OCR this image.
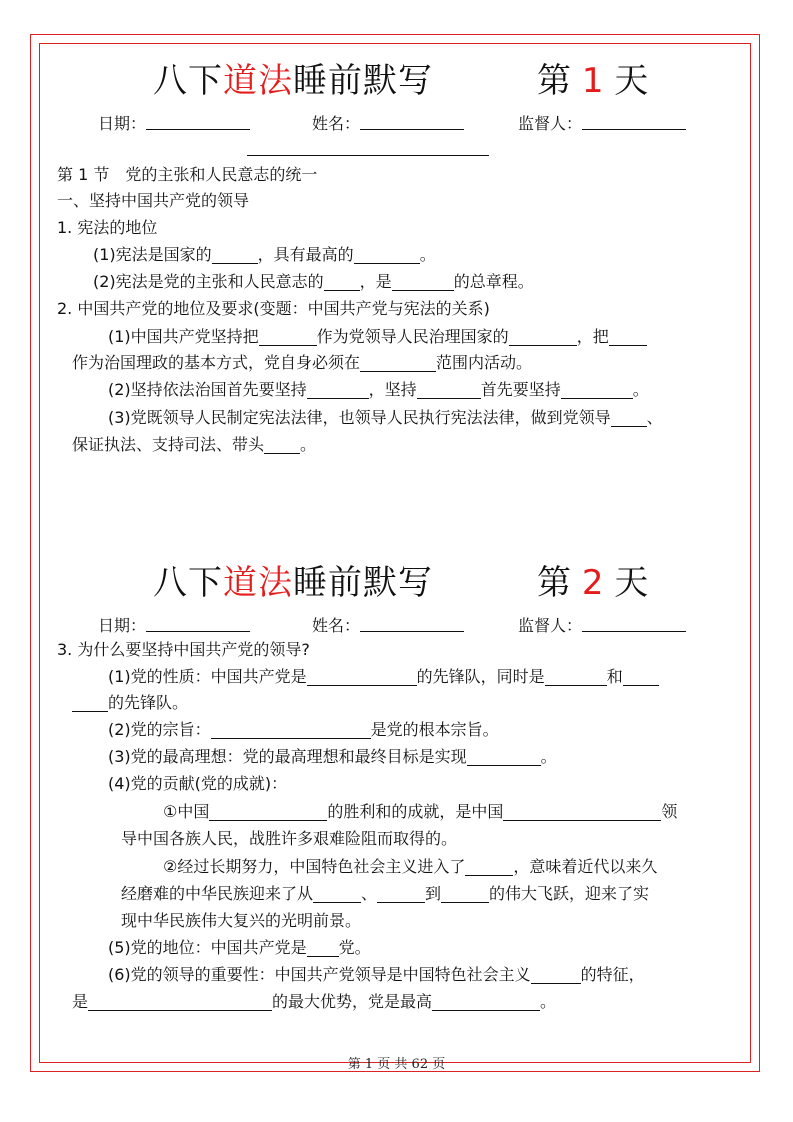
八下道法睡前默写	第 1 天
日期：	姓名：	监督人：
第 1 节　党的主张和人民意志的统一
一、坚持中国共产党的领导
1. 宪法的地位
(1)宪法是国家的	，具有最高的	。
(2)宪法是党的主张和人民意志的 ，是	的总章程。
2. 中国共产党的地位及要求(变题：中国共产党与宪法的关系)
(1)中国共产党坚持把	作为党领导人民治理国家的	，把
作为治国理政的基本方式，党自身必须在	范围内活动。
(2)坚持依法治国首先要坚持	，坚持	首先要坚持	。
(3)党既领导人民制定宪法法律，也领导人民执行宪法法律，做到党领导 、
保证执法、支持司法、带头 。
八下道法睡前默写	第 2 天
日期：	姓名：	监督人：
3. 为什么要坚持中国共产党的领导?
(1)党的性质：中国共产党是	的先锋队，同时是	和
的先锋队。
(2)党的宗旨：	是党的根本宗旨。
(3)党的最高理想：党的最高理想和最终目标是实现	。
(4)党的贡献(党的成就)：
①中国	的胜利和的成就，是中国	领
导中国各族人民，战胜许多艰难险阻而取得的。
②经过长期努力，中国特色社会主义进入了	，意味着近代以来久
经磨难的中华民族迎来了从	、	到	的伟大飞跃，迎来了实
现中华民族伟大复兴的光明前景。
(5)党的地位：中国共产党是 党。
(6)党的领导的重要性：中国共产党领导是中国特色社会主义	的特征，
是	的最大优势，党是最高	。
第 1 页 共 62 页
